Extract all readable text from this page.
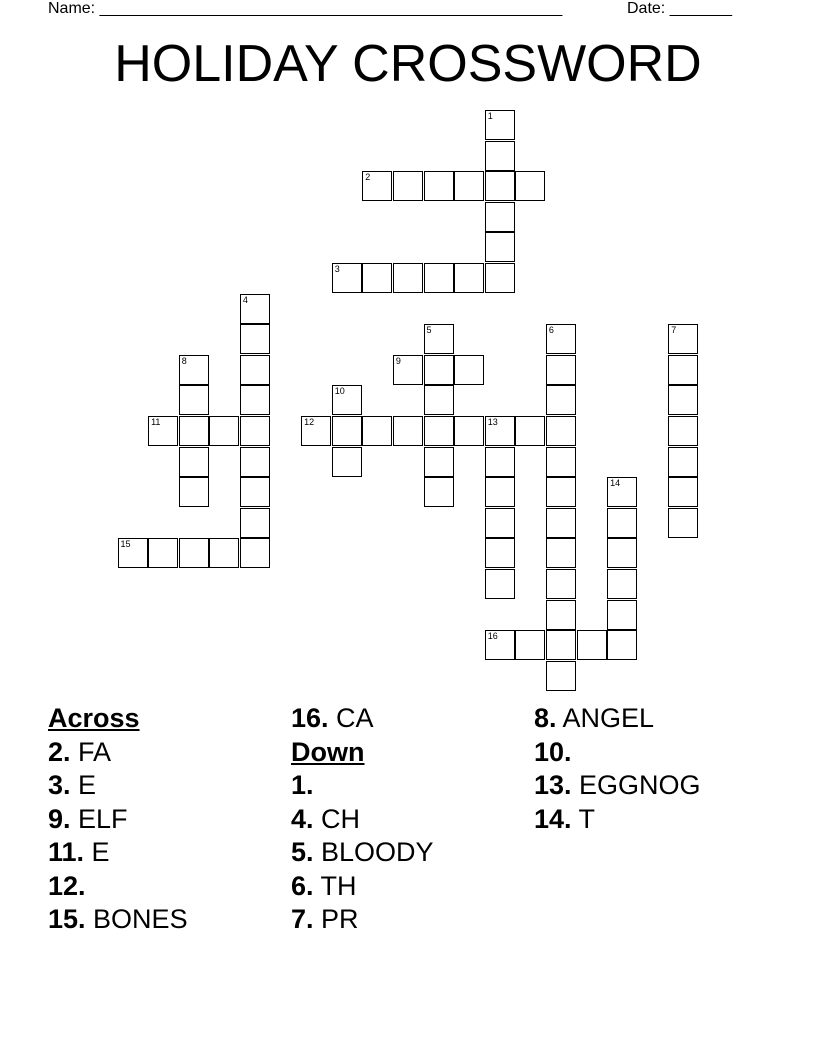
Name: ____________________________________________________	Date: _______
HOLIDAY CROSSWORD
1
2
3
4
5	6	7
8	9
10
11	12	13
14
15
16
Across
2. FA
3. E
9. ELF
11. E
12.
15. BONES
16. CA
Down
1.
4. CH
5. BLOODY
6. TH
7. PR
8. ANGEL
10.
13. EGGNOG
14. T
